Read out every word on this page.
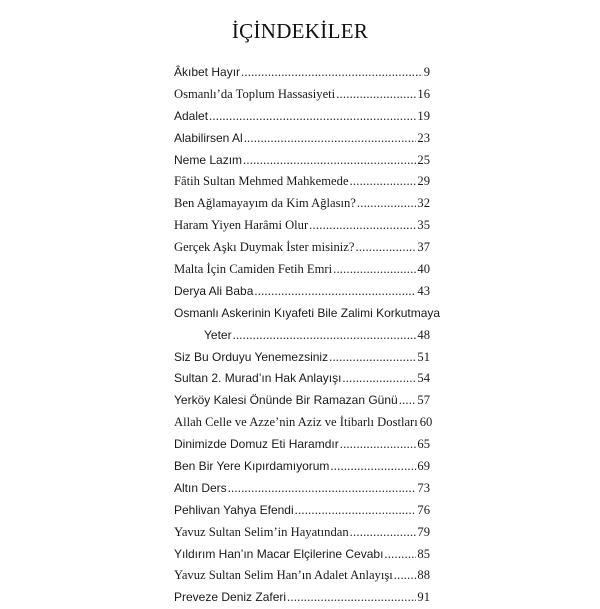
İÇİNDEKİLER
Âkıbet Hayır .....	9
Osmanlı’da Toplum Hassasiyeti .....	16
Adalet .....	19
Alabilirsen Al .....	23
Neme Lazım .....	25
Fâtih Sultan Mehmed Mahkemede .....	29
Ben Ağlamayayım da Kim Ağlasın? .....	32
Haram Yiyen Harâmi Olur .....	35
Gerçek Aşkı Duymak İster misiniz? .....	37
Malta İçin Camiden Fetih Emri .....	40
Derya Ali Baba .....	43
Osmanlı Askerinin Kıyafeti Bile Zalimi Korkutmaya
Yeter .....	48
Siz Bu Orduyu Yenemezsiniz .....	51
Sultan 2. Murad’ın Hak Anlayışı .....	54
Yerköy Kalesi Önünde Bir Ramazan Günü ..... 57
Allah Celle ve Azze’nin Aziz ve İtibarlı Dostları 60
Dinimizde Domuz Eti Haramdır .....	65
Ben Bir Yere Kıpırdamıyorum .....	69
Altın Ders .....	73
Pehlivan Yahya Efendi .....	76
Yavuz Sultan Selim’in Hayatından .....	79
Yıldırım Han’ın Macar Elçilerine Cevabı .....	85
Yavuz Sultan Selim Han’ın Adalet Anlayışı ..... 88
Preveze Deniz Zaferi .....	91
